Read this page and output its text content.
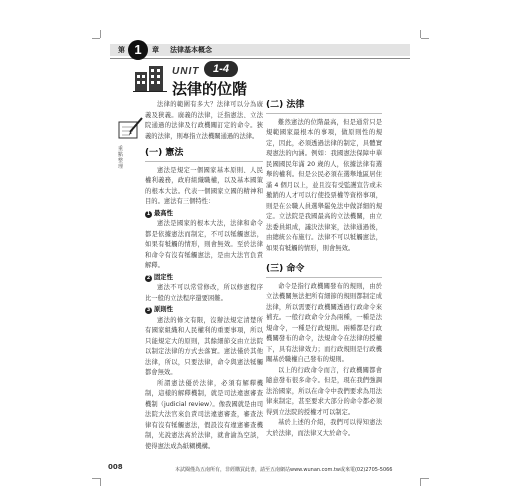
第 1	章 法律基本概念
UNIT	1-4
法律的位階
重點整理

法律的範圍有多大？法律可以分為廣義及狹義。廣義的法律，泛指憲法、立法院通過的法律及行政機關訂定的命令。狹義的法律，則專指立法機關通過的法律。

(一) 憲法

憲法是規定一個國家基本原則、人民權利義務，政府組織職權，以及基本國策的根本大法。代表一個國家立國的精神和目的。憲法有三個特性：

1 最高性

憲法是國家的根本大法，法律和命令都是依據憲法而制定，不可以牴觸憲法，如果有牴觸的情形，則會無效。至於法律和命令有沒有牴觸憲法，是由大法官負責解釋。

2 固定性

憲法不可以常常修改，所以修憲程序比一般的立法程序還要困難。

3 原則性

憲法的條文有限，沒辦法規定清楚所有國家組織和人民權利的重要事項，所以只能規定大的原則，其餘細節交由立法院以制定法律的方式去落實。憲法僅於其他法律，所以，只要法律，命令與憲法牴觸都會無效。

所謂憲法優於法律，必須有解釋機制，這樣的解釋機制，就是司法違憲審查機制（judicial review）。像我國就是由司法院大法官來負責司法違憲審查，審查法律有沒有牴觸憲法，假設沒有違憲審查機制，光說憲法高於法律，就會淪為空談，使得憲法成為紙糊機構。

(二) 法律

難然憲法的位階最高，但是通常只是規範國家最根本的事項，做原則性的規定，因此，必須透過法律的制定，具體實現憲法的內涵。例如：我國憲法保障中華民國國民年滿 20 歲的人，依據法律有選舉的權利。但是公民必須在選舉地區居住滿 4 個月以上，並且沒有受監護宣告或未撤銷的人才可以行使投票權等資格事項，則是在公職人員選舉罷免法中做詳細的規定。立法院是我國最高的立法機關，由立法委員組成，議決法律案，法律通過後，由總統公布施行。法律不可以牴觸憲法，如果有牴觸的情形，則會無效。

(三) 命令

命令是指行政機關發布的規則，由於立法機關無法把所有細節的規則都制定成法律，所以需要行政機關透過行政命令來補充。一般行政命令分為兩種，一種是法規命令，一種是行政規則。兩種都是行政機關發布的命令，法規命令在法律的授權下，具有法律效力；而行政規則是行政機關基於職權自己發布的規則。

以上的行政命令而言，行政機關都會隨意發布很多命令。但是，現在我們強調法治國家，所以在命令中我們要求為用法律來制定，甚至要求大部分的命令都必須得到立法院的授權才可以制定。

基於上述的介紹，我們可以得知憲法大於法律，而法律又大於命令。

008	本試閱僅為五南所有，非經購買此書，請至五南網站www.wunan.com.tw或來電(02)2705-5066
